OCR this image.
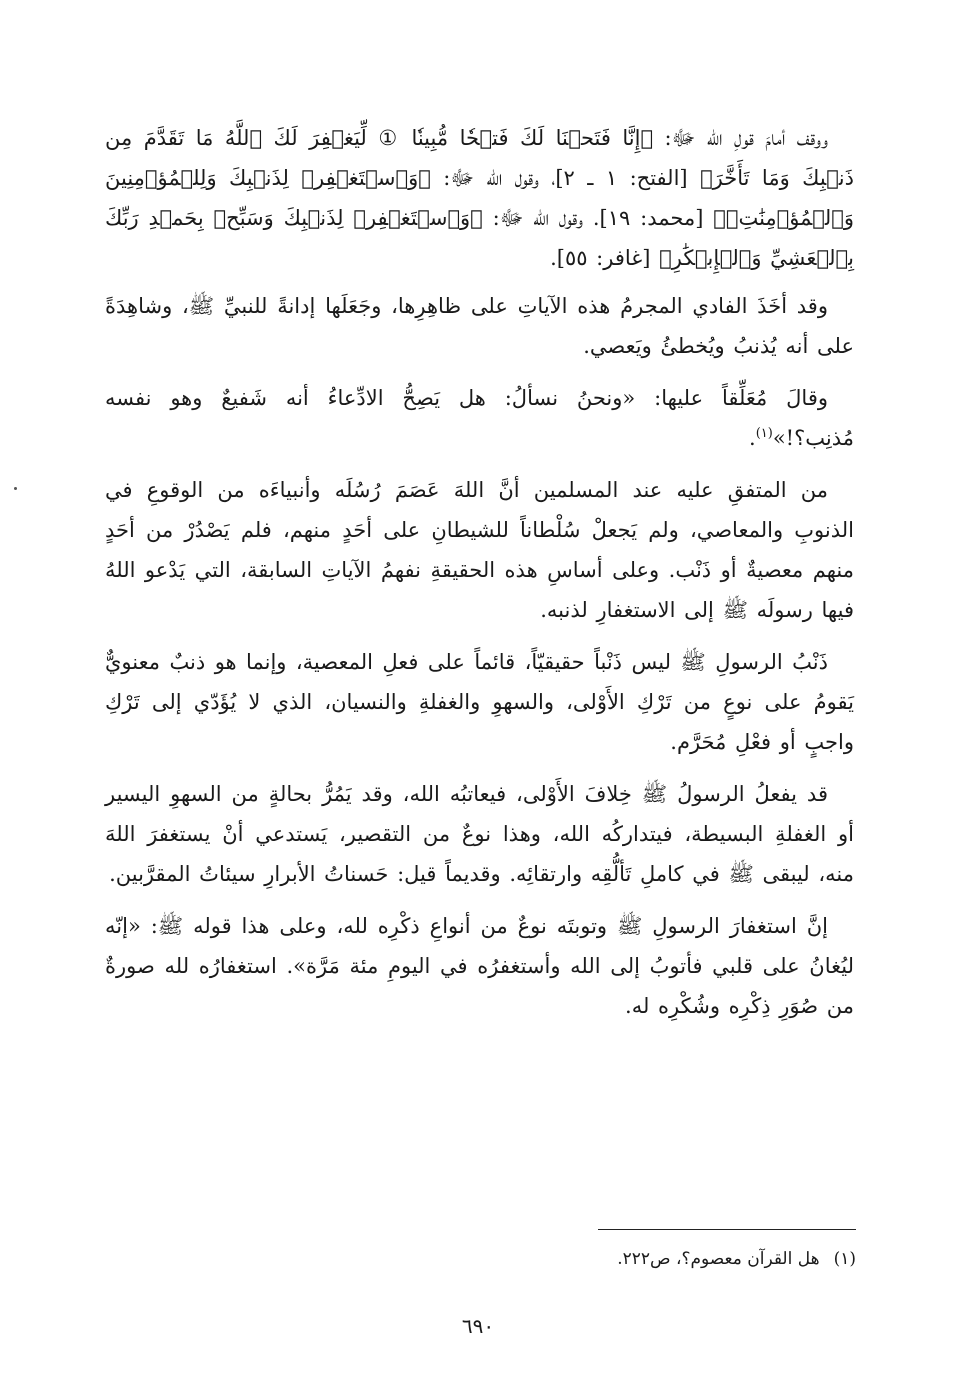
ووقف أمامَ قولِ الله ﷻ: ﴿إِنَّا فَتَحۡنَا لَكَ فَتۡحٗا مُّبِينٗا ① لِّيَغۡفِرَ لَكَ ٱللَّهُ مَا تَقَدَّمَ مِن ذَنۢبِكَ وَمَا تَأَخَّرَ﴾ [الفتح: ١ ـ ٢]، وقول الله ﷻ: ﴿وَٱسۡتَغۡفِرۡ لِذَنۢبِكَ وَلِلۡمُؤۡمِنِينَ وَٱلۡمُؤۡمِنَٰتِۗ﴾ [محمد: ١٩]. وقول الله ﷻ: ﴿وَٱسۡتَغۡفِرۡ لِذَنۢبِكَ وَسَبِّحۡ بِحَمۡدِ رَبِّكَ بِٱلۡعَشِيِّ وَٱلۡإِبۡكَٰرِ﴾ [غافر: ٥٥].

وقد أخَذَ الفادي المجرمُ هذه الآياتِ على ظاهِرِها، وجَعَلَها إدانةً للنبيِّ ﷺ، وشاهِدَةً على أنه يُذنبُ ويُخطئُ ويَعصي.

وقالَ مُعَلِّقاً عليها: «ونحنُ نسألُ: هل يَصِحُّ الادِّعاءُ أنه شَفيعٌ وهو نفسه مُذنِب؟!»$^{(١)}$.

من المتفقِ عليه عند المسلمين أنَّ اللهَ عَصَمَ رُسُلَه وأنبياءَه من الوقوعِ في الذنوبِ والمعاصي، ولم يَجعلْ سُلْطاناً للشيطانِ على أحَدٍ منهم، فلم يَصْدُرْ من أحَدٍ منهم معصيةٌ أو ذَنْب. وعلى أساسِ هذه الحقيقةِ نفهمُ الآياتِ السابقة، التي يَدْعو اللهُ فيها رسولَه ﷺ إلى الاستغفارِ لذنبه.

ذَنْبُ الرسولِ ﷺ ليس ذَنْباً حقيقيّاً، قائماً على فعلِ المعصية، وإنما هو ذنبٌ معنويٌّ يَقومُ على نوعٍ من تَرْكِ الأَوْلى، والسهوِ والغفلةِ والنسيان، الذي لا يُؤَدّي إلى تَرْكِ واجبٍ أو فعْلِ مُحَرَّم.

قد يفعلُ الرسولُ ﷺ خِلافَ الأَوْلى، فيعاتبُه الله، وقد يَمُرُّ بحالةٍ من السهوِ اليسير أو الغفلةِ البسيطة، فيتداركُه الله، وهذا نوعٌ من التقصير، يَستدعي أنْ يستغفرَ اللهَ منه، ليبقى ﷺ في كاملِ تَألُّقِه وارتقائِه. وقديماً قيل: حَسناتُ الأبرارِ سيئاتُ المقرَّبين.

إنَّ استغفارَ الرسولِ ﷺ وتوبتَه نوعٌ من أنواعِ ذكْرِه لله، وعلى هذا قوله ﷺ: «إنّه ليُغانُ على قلبي فأتوبُ إلى الله وأستغفرُه في اليومِ مئة مَرَّة». استغفارُه لله صورةٌ من صُوَرِ ذِكْرِه وشُكْرِه له.

(١)هل القرآن معصوم؟، ص٢٢٢.
٦٩٠
